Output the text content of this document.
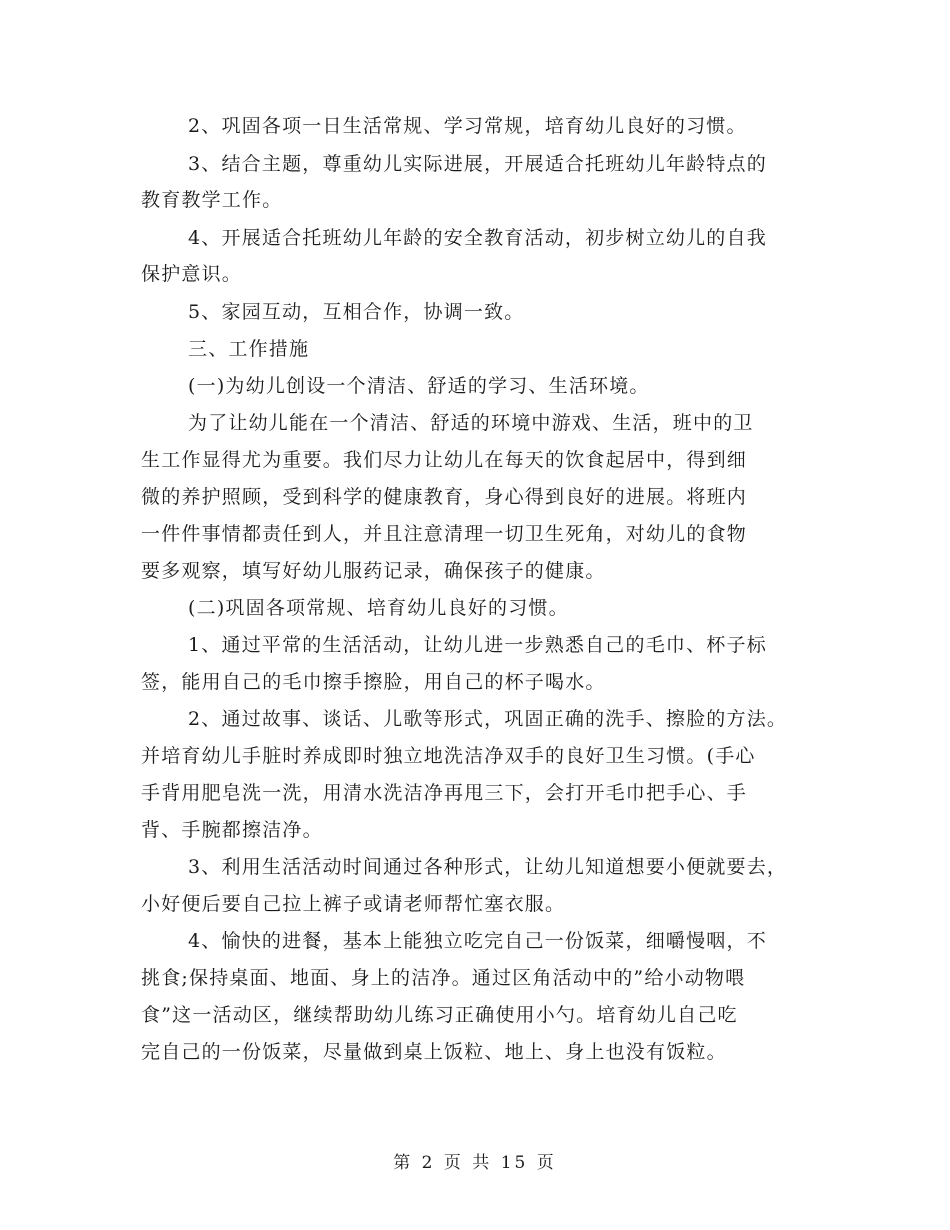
2、巩固各项一日生活常规、学习常规，培育幼儿良好的习惯。
3、结合主题，尊重幼儿实际进展，开展适合托班幼儿年龄特点的
教育教学工作。
4、开展适合托班幼儿年龄的安全教育活动，初步树立幼儿的自我
保护意识。
5、家园互动，互相合作，协调一致。
三、工作措施
(一)为幼儿创设一个清洁、舒适的学习、生活环境。
为了让幼儿能在一个清洁、舒适的环境中游戏、生活，班中的卫
生工作显得尤为重要。我们尽力让幼儿在每天的饮食起居中，得到细
微的养护照顾，受到科学的健康教育，身心得到良好的进展。将班内
一件件事情都责任到人，并且注意清理一切卫生死角，对幼儿的食物
要多观察，填写好幼儿服药记录，确保孩子的健康。
(二)巩固各项常规、培育幼儿良好的习惯。
1、通过平常的生活活动，让幼儿进一步熟悉自己的毛巾、杯子标
签，能用自己的毛巾擦手擦脸，用自己的杯子喝水。
2、通过故事、谈话、儿歌等形式，巩固正确的洗手、擦脸的方法。
并培育幼儿手脏时养成即时独立地洗洁净双手的良好卫生习惯。(手心
手背用肥皂洗一洗，用清水洗洁净再甩三下，会打开毛巾把手心、手
背、手腕都擦洁净。
3、利用生活活动时间通过各种形式，让幼儿知道想要小便就要去，
小好便后要自己拉上裤子或请老师帮忙塞衣服。
4、愉快的进餐，基本上能独立吃完自己一份饭菜，细嚼慢咽，不
挑食;保持桌面、地面、身上的洁净。通过区角活动中的”给小动物喂
食”这一活动区，继续帮助幼儿练习正确使用小勺。培育幼儿自己吃
完自己的一份饭菜，尽量做到桌上饭粒、地上、身上也没有饭粒。
第 2 页 共 15 页
